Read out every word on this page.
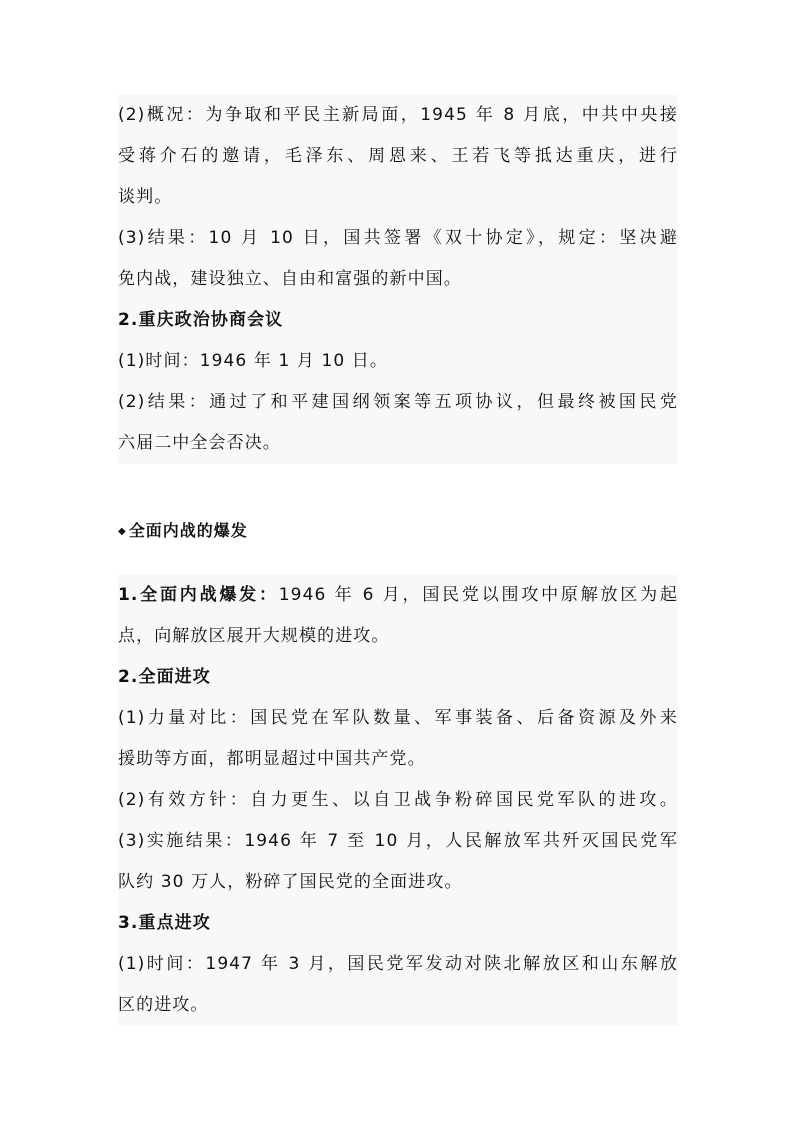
(2)概况：为争取和平民主新局面，1945 年 8 月底，中共中央接
受蒋介石的邀请，毛泽东、周恩来、王若飞等抵达重庆，进行
谈判。
(3)结果：10 月 10 日，国共签署《双十协定》，规定：坚决避
免内战，建设独立、自由和富强的新中国。
2.重庆政治协商会议
(1)时间：1946 年 1 月 10 日。
(2)结果：通过了和平建国纲领案等五项协议，但最终被国民党
六届二中全会否决。
◆ 全面内战的爆发
1.全面内战爆发：1946 年 6 月，国民党以围攻中原解放区为起
点，向解放区展开大规模的进攻。
2.全面进攻
(1)力量对比：国民党在军队数量、军事装备、后备资源及外来
援助等方面，都明显超过中国共产党。
(2)有效方针：自力更生、以自卫战争粉碎国民党军队的进攻。
(3)实施结果：1946 年 7 至 10 月，人民解放军共歼灭国民党军
队约 30 万人，粉碎了国民党的全面进攻。
3.重点进攻
(1)时间：1947 年 3 月，国民党军发动对陕北解放区和山东解放
区的进攻。
